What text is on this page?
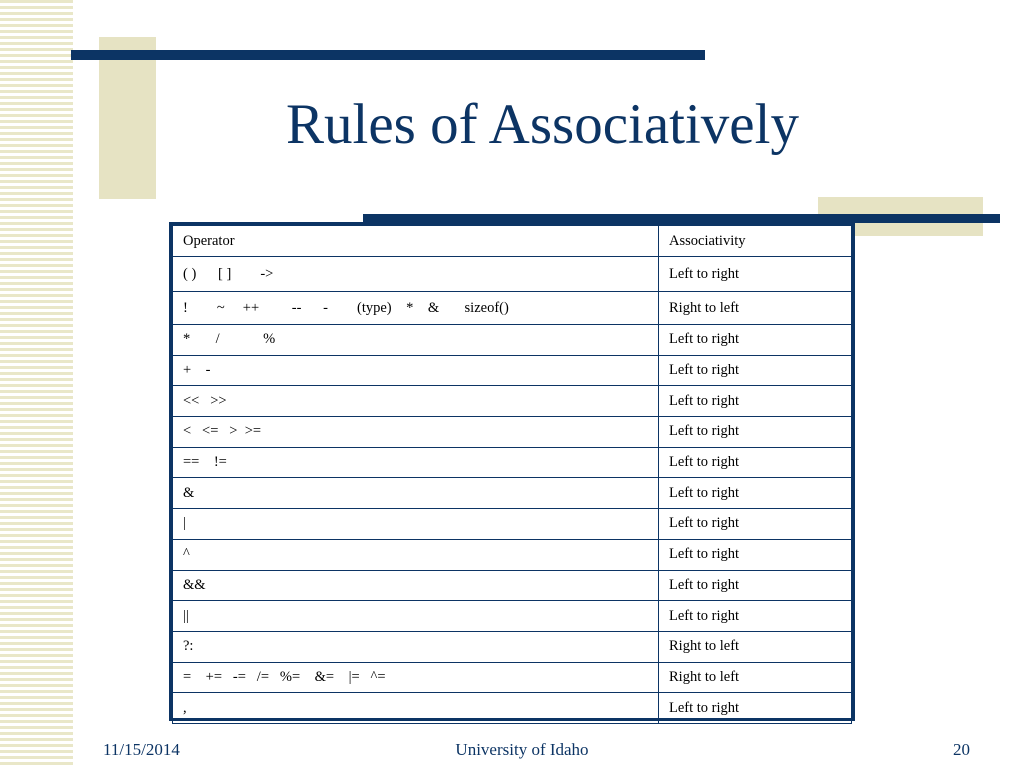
Rules of Associatively
Operator	Associativity
( )      [ ]        ->	Left to right
!        ~     ++         --      -        (type)    *    &       sizeof()	Right to left
*       /            %	Left to right
+    -	Left to right
<<   >>	Left to right
<   <=   >  >=	Left to right
==    !=	Left to right
&	Left to right
|	Left to right
^	Left to right
&&	Left to right
||	Left to right
?:	Right to left
=    +=   -=   /=   %=    &=    |=   ^=	Right to left
,	Left to right
11/15/2014	University of Idaho	20
